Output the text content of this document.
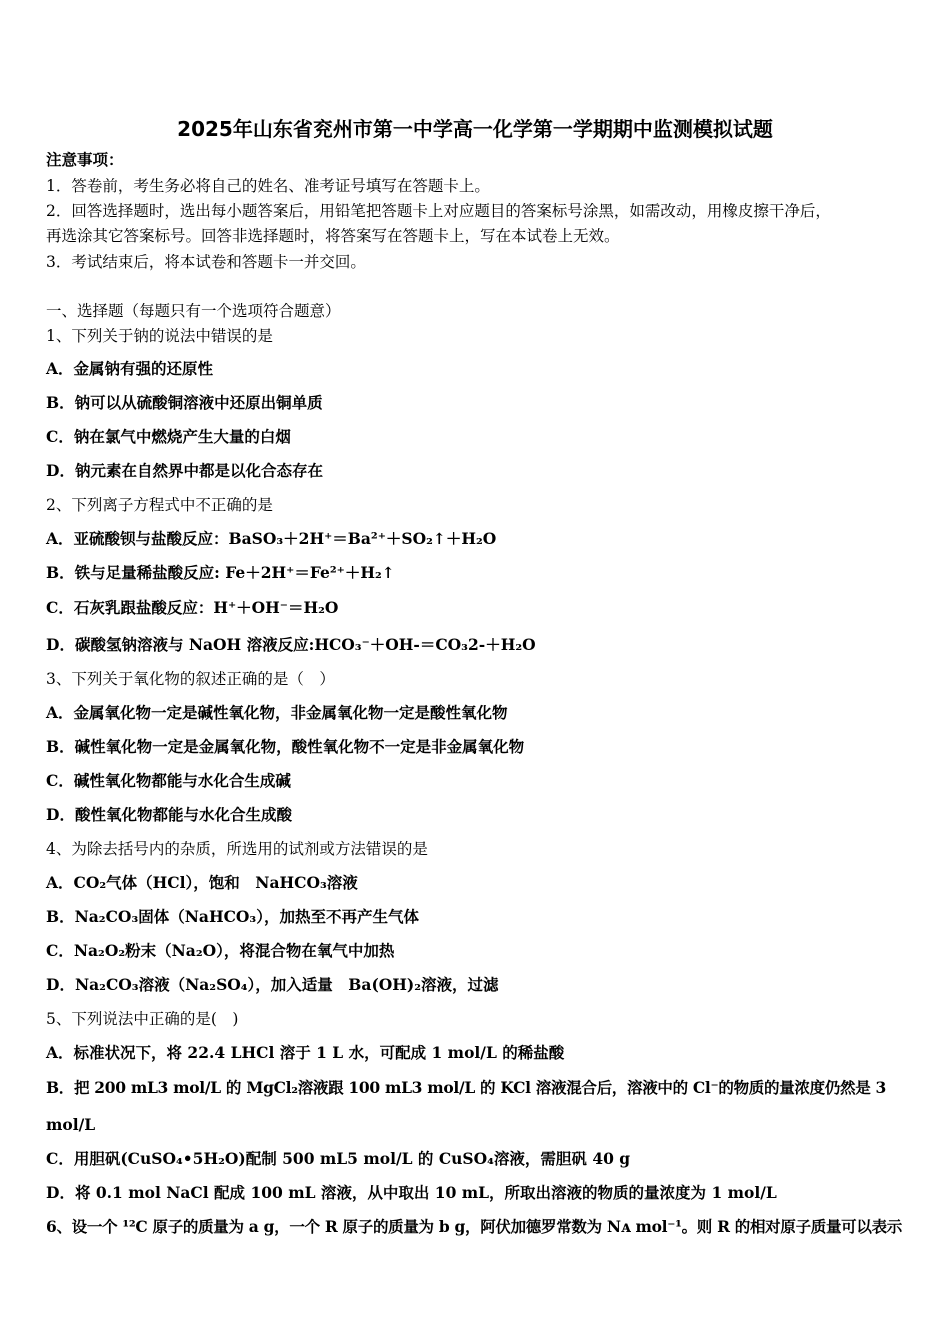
2025年山东省兖州市第一中学高一化学第一学期期中监测模拟试题
注意事项：
1．答卷前，考生务必将自己的姓名、准考证号填写在答题卡上。
2．回答选择题时，选出每小题答案后，用铅笔把答题卡上对应题目的答案标号涂黑，如需改动，用橡皮擦干净后，
再选涂其它答案标号。回答非选择题时，将答案写在答题卡上，写在本试卷上无效。
3．考试结束后，将本试卷和答题卡一并交回。
一、选择题（每题只有一个选项符合题意）
1、下列关于钠的说法中错误的是
A．金属钠有强的还原性
B．钠可以从硫酸铜溶液中还原出铜单质
C．钠在氯气中燃烧产生大量的白烟
D．钠元素在自然界中都是以化合态存在
2、下列离子方程式中不正确的是
A．亚硫酸钡与盐酸反应：BaSO₃＋2H⁺＝Ba²⁺＋SO₂↑＋H₂O
B．铁与足量稀盐酸反应: Fe＋2H⁺＝Fe²⁺＋H₂↑
C．石灰乳跟盐酸反应：H⁺＋OH⁻＝H₂O
D．碳酸氢钠溶液与 NaOH 溶液反应:HCO₃⁻＋OH-＝CO₃2-＋H₂O
3、下列关于氧化物的叙述正确的是（　）
A．金属氧化物一定是碱性氧化物，非金属氧化物一定是酸性氧化物
B．碱性氧化物一定是金属氧化物，酸性氧化物不一定是非金属氧化物
C．碱性氧化物都能与水化合生成碱
D．酸性氧化物都能与水化合生成酸
4、为除去括号内的杂质，所选用的试剂或方法错误的是
A．CO₂气体（HCl），饱和　NaHCO₃溶液
B．Na₂CO₃固体（NaHCO₃），加热至不再产生气体
C．Na₂O₂粉末（Na₂O），将混合物在氧气中加热
D．Na₂CO₃溶液（Na₂SO₄），加入适量　Ba(OH)₂溶液，过滤
5、下列说法中正确的是(　)
A．标准状况下，将 22.4 LHCl 溶于 1 L 水，可配成 1 mol/L 的稀盐酸
B．把 200 mL3 mol/L 的 MgCl₂溶液跟 100 mL3 mol/L 的 KCl 溶液混合后，溶液中的 Cl⁻的物质的量浓度仍然是 3
mol/L
C．用胆矾(CuSO₄•5H₂O)配制 500 mL5 mol/L 的 CuSO₄溶液，需胆矾 40 g
D．将 0.1 mol NaCl 配成 100 mL 溶液，从中取出 10 mL，所取出溶液的物质的量浓度为 1 mol/L
6、设一个 ¹²C 原子的质量为 a g，一个 R 原子的质量为 b g，阿伏加德罗常数为 Nᴀ mol⁻¹。则 R 的相对原子质量可以表示
